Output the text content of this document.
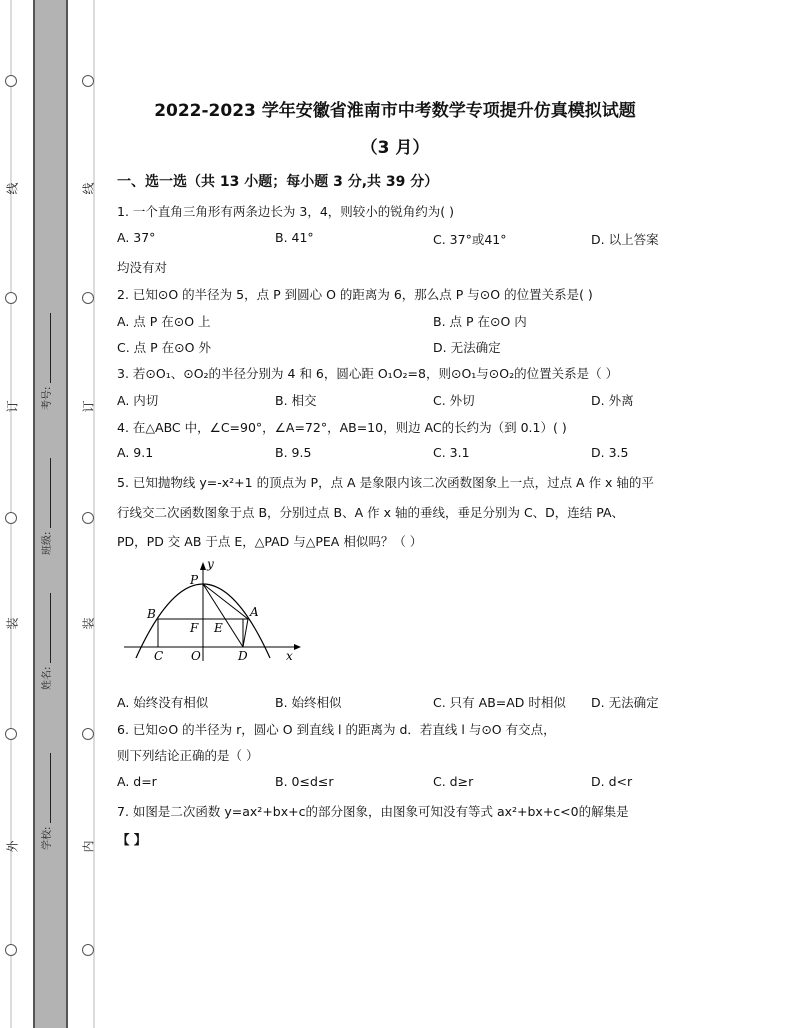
线
订
装
外
线
订
装
内
考号:
班级:
姓名:
学校:
2022-2023 学年安徽省淮南市中考数学专项提升仿真模拟试题
（3 月）
一、选一选（共 13 小题；每小题 3 分,共 39 分）
1. 一个直角三角形有两条边长为 3，4，则较小的锐角约为( )
A. 37°	B. 41°	C. 37°或41°	D. 以上答案
均没有对
2. 已知⊙O 的半径为 5，点 P 到圆心 O 的距离为 6，那么点 P 与⊙O 的位置关系是( )
A. 点 P 在⊙O 上	B. 点 P 在⊙O 内
C. 点 P 在⊙O 外	D. 无法确定
3. 若⊙O₁、⊙O₂的半径分别为 4 和 6，圆心距 O₁O₂=8，则⊙O₁与⊙O₂的位置关系是（ ）
A. 内切	B. 相交	C. 外切	D. 外离
4. 在△ABC 中，∠C=90°，∠A=72°，AB=10，则边 AC的长约为（到 0.1）( )
A. 9.1	B. 9.5	C. 3.1	D. 3.5
5. 已知抛物线 y=-x²+1 的顶点为 P，点 A 是象限内该二次函数图象上一点，过点 A 作 x 轴的平
行线交二次函数图象于点 B，分别过点 B、A 作 x 轴的垂线，垂足分别为 C、D，连结 PA、
PD，PD 交 AB 于点 E，△PAD 与△PEA 相似吗？（ ）
y
P
B	A
F E
C O	D	x
A. 始终没有相似	B. 始终相似	C. 只有 AB=AD 时相似 D. 无法确定
6. 已知⊙O 的半径为 r，圆心 O 到直线 l 的距离为 d．若直线 l 与⊙O 有交点，
则下列结论正确的是（ ）
A. d=r	B. 0≤d≤r	C. d≥r	D. d<r
7. 如图是二次函数 y=ax²+bx+c的部分图象，由图象可知没有等式 ax²+bx+c<0的解集是
【 】
